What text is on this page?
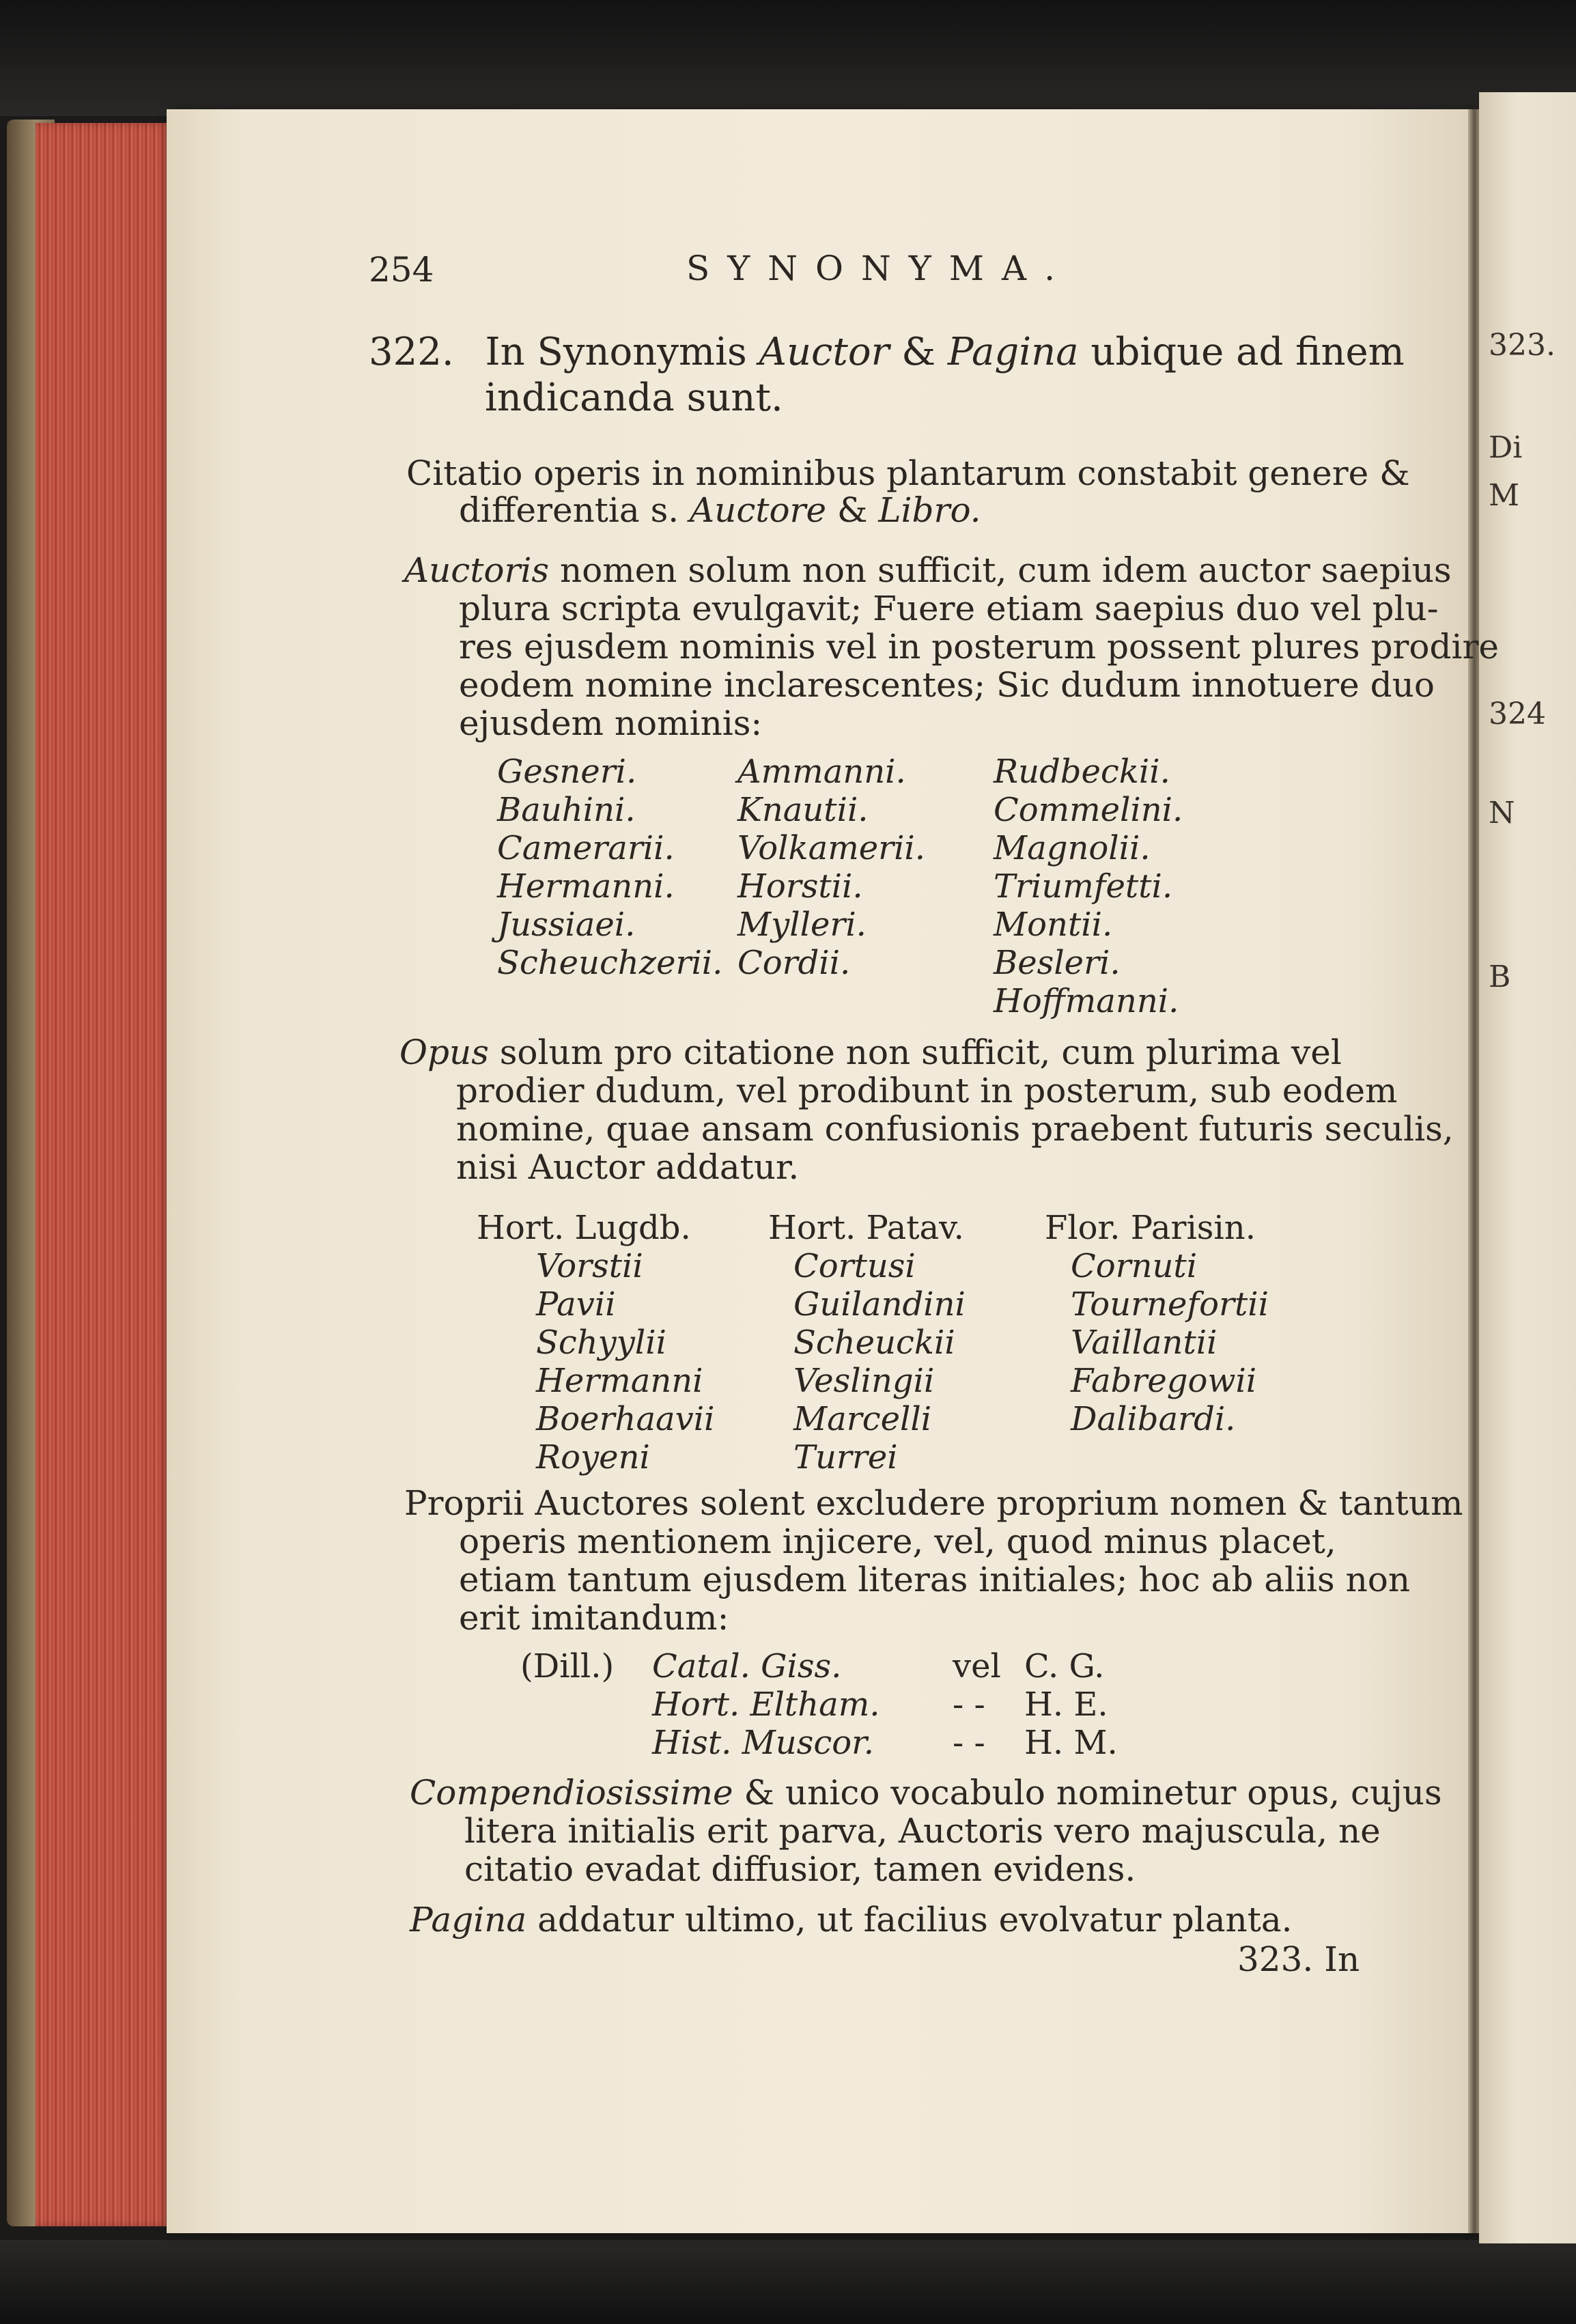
323.
Di
M
324
N
B
254	SYNONYMA.
322. In Synonymis Auctor & Pagina ubique ad finem
indicanda sunt.
Citatio operis in nominibus plantarum constabit genere &
differentia s. Auctore & Libro.
Auctoris nomen solum non sufficit, cum idem auctor saepius
plura scripta evulgavit; Fuere etiam saepius duo vel plu-
res ejusdem nominis vel in posterum possent plures prodire
eodem nomine inclarescentes; Sic dudum innotuere duo
ejusdem nominis:
Gesneri.
Bauhini.
Camerarii.
Hermanni.
Jussiaei.
Scheuchzerii.
Ammanni.
Knautii.
Volkamerii.
Horstii.
Mylleri.
Cordii.
Rudbeckii.
Commelini.
Magnolii.
Triumfetti.
Montii.
Besleri.
Hoffmanni.
Opus solum pro citatione non sufficit, cum plurima vel
prodier dudum, vel prodibunt in posterum, sub eodem
nomine, quae ansam confusionis praebent futuris seculis,
nisi Auctor addatur.
Hort. Lugdb. Hort. Patav. Flor. Parisin.
Vorstii
Pavii
Schyylii
Hermanni
Boerhaavii
Royeni
Cortusi
Guilandini
Scheuckii
Veslingii
Marcelli
Turrei
Cornuti
Tournefortii
Vaillantii
Fabregowii
Dalibardi.
Proprii Auctores solent excludere proprium nomen & tantum
operis mentionem injicere, vel, quod minus placet,
etiam tantum ejusdem literas initiales; hoc ab aliis non
erit imitandum:
(Dill.) Catal. Giss.
Hort. Eltham.
Hist. Muscor.
vel
- -
- -
C. G.
H. E.
H. M.
Compendiosissime & unico vocabulo nominetur opus, cujus
litera initialis erit parva, Auctoris vero majuscula, ne
citatio evadat diffusior, tamen evidens.
Pagina addatur ultimo, ut facilius evolvatur planta.
323. In
